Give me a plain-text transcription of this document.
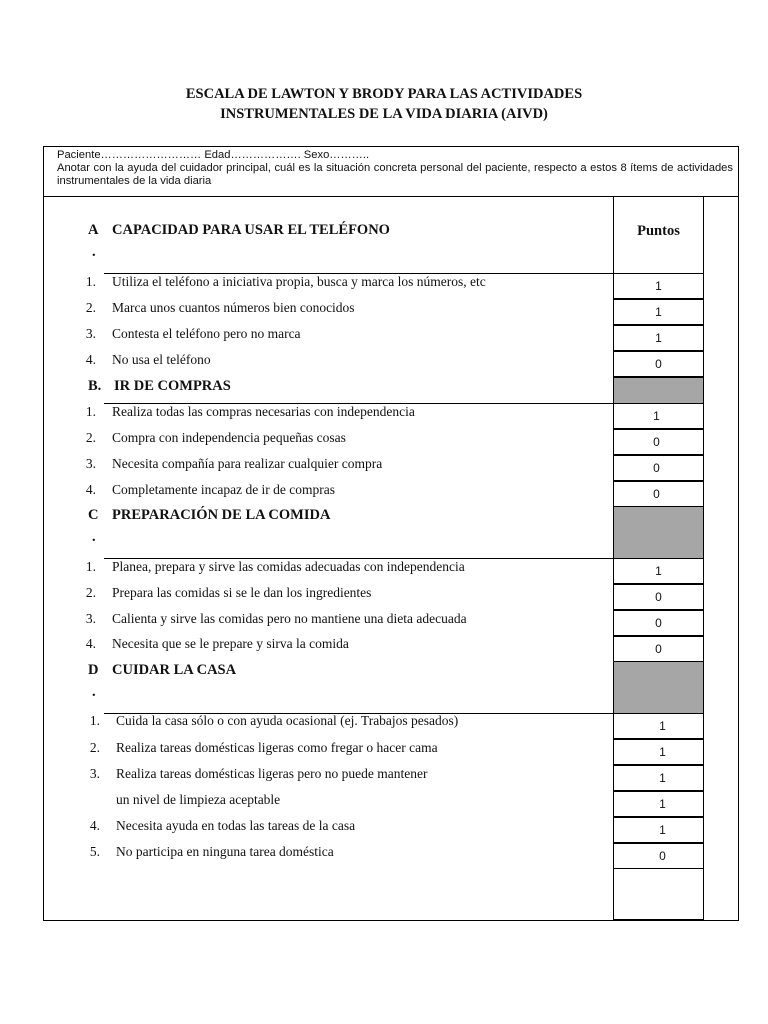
ESCALA DE LAWTON Y BRODY PARA LAS ACTIVIDADES
INSTRUMENTALES DE LA VIDA DIARIA (AIVD)
Paciente……………………… Edad………………. Sexo………..
Anotar con la ayuda del cuidador principal, cuál es la situación concreta personal del paciente, respecto a estos 8 ítems de actividades instrumentales de la vida diaria
Puntos
A
.
CAPACIDAD PARA USAR EL TELÉFONO
1. Utiliza el teléfono a iniciativa propia, busca y marca los números, etc	1
2. Marca unos cuantos números bien conocidos	1
3. Contesta el teléfono pero no marca	1
4. No usa el teléfono	0
B. IR DE COMPRAS
1. Realiza todas las compras necesarias con independencia	1
2. Compra con independencia pequeñas cosas	0
3. Necesita compañía para realizar cualquier compra	0
4. Completamente incapaz de ir de compras	0
C
.
PREPARACIÓN DE LA COMIDA
1. Planea, prepara y sirve las comidas adecuadas con independencia	1
2. Prepara las comidas si se le dan los ingredientes	0
3. Calienta y sirve las comidas pero no mantiene una dieta adecuada	0
4. Necesita que se le prepare y sirva la comida	0
D
.
CUIDAR LA CASA
1. Cuida la casa sólo o con ayuda ocasional (ej. Trabajos pesados)	1
2. Realiza tareas domésticas ligeras como fregar o hacer cama	1
3. Realiza tareas domésticas ligeras pero no puede mantener	1
un nivel de limpieza aceptable	1
4. Necesita ayuda en todas las tareas de la casa	1
5. No participa en ninguna tarea doméstica	0
